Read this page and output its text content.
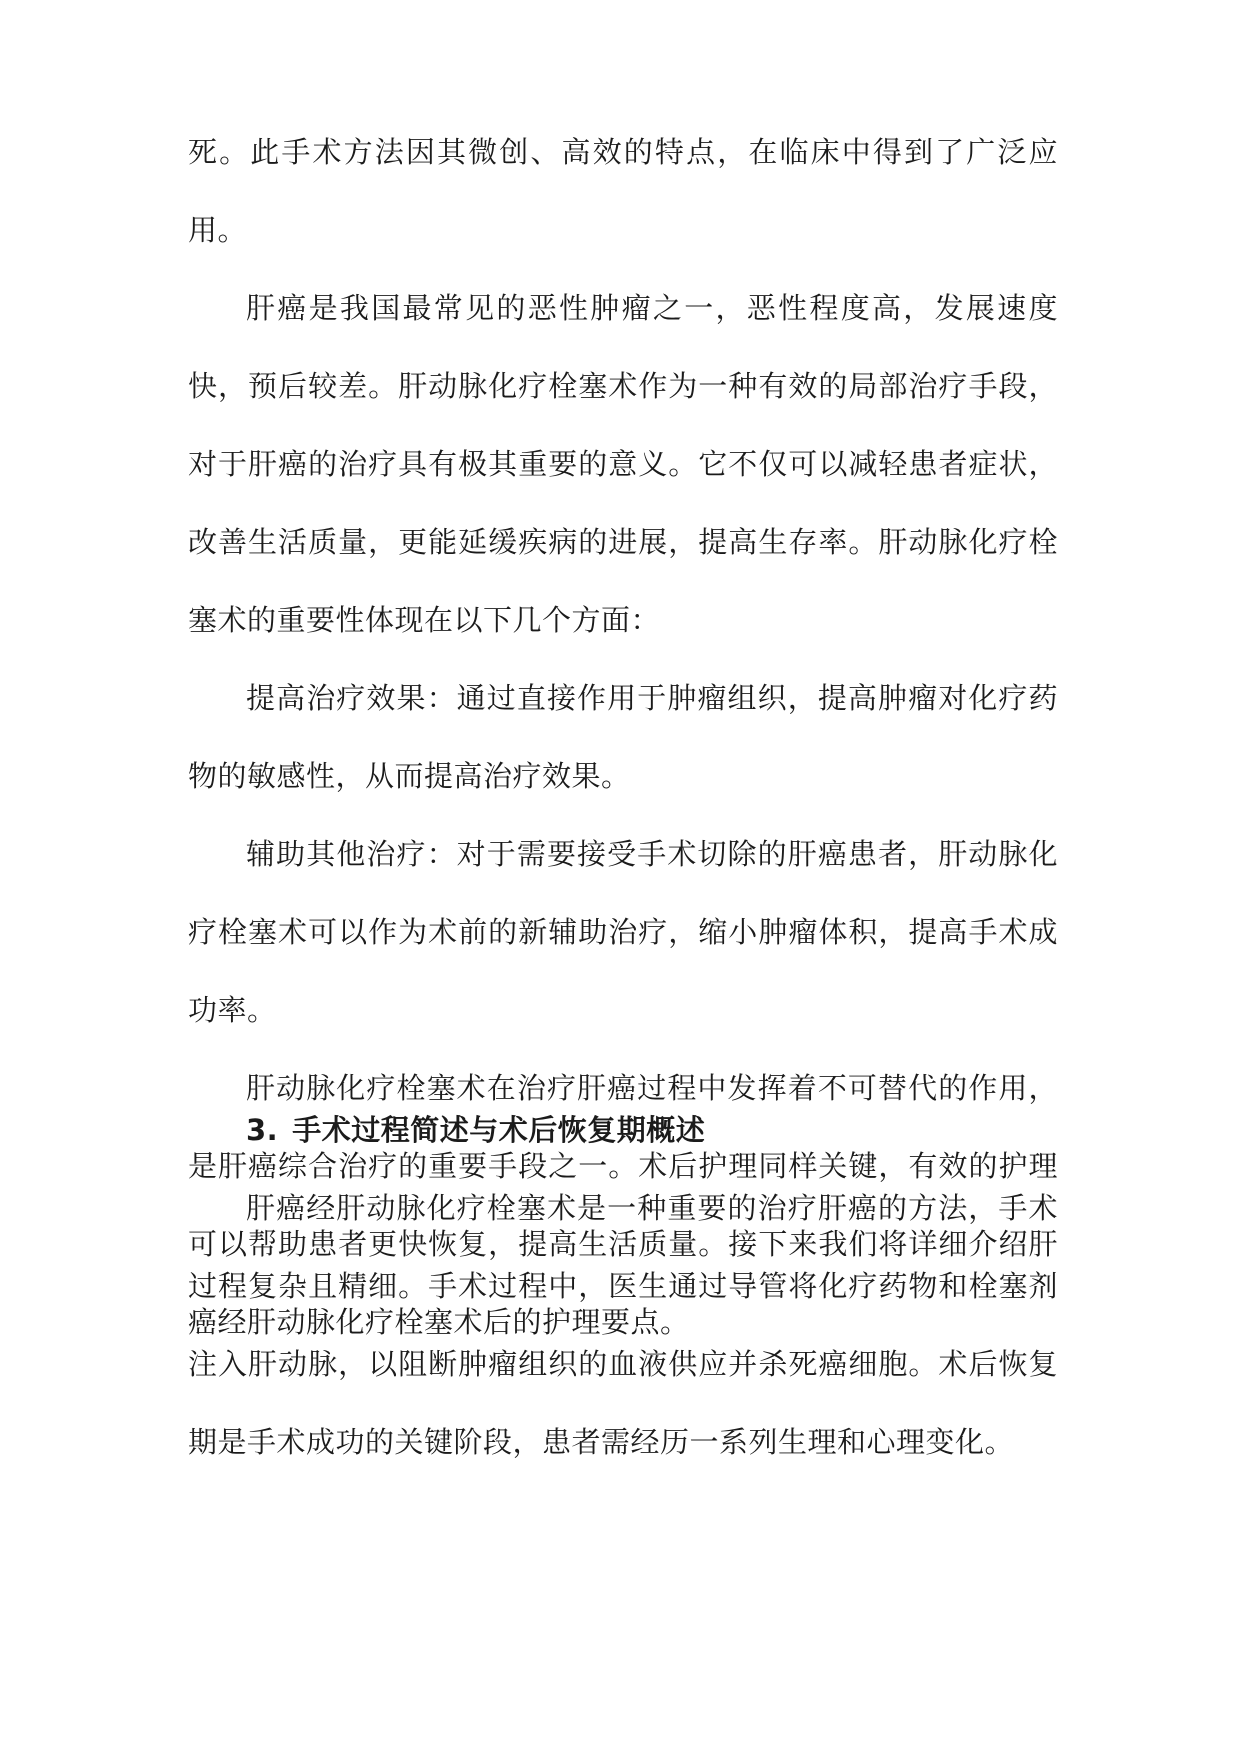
死。此手术方法因其微创、高效的特点，在临床中得到了广泛应用。

肝癌是我国最常见的恶性肿瘤之一，恶性程度高，发展速度快，预后较差。肝动脉化疗栓塞术作为一种有效的局部治疗手段，对于肝癌的治疗具有极其重要的意义。它不仅可以减轻患者症状，改善生活质量，更能延缓疾病的进展，提高生存率。肝动脉化疗栓塞术的重要性体现在以下几个方面：

提高治疗效果：通过直接作用于肿瘤组织，提高肿瘤对化疗药物的敏感性，从而提高治疗效果。

辅助其他治疗：对于需要接受手术切除的肝癌患者，肝动脉化疗栓塞术可以作为术前的新辅助治疗，缩小肿瘤体积，提高手术成功率。

肝动脉化疗栓塞术在治疗肝癌过程中发挥着不可替代的作用，是肝癌综合治疗的重要手段之一。术后护理同样关键，有效的护理可以帮助患者更快恢复，提高生活质量。接下来我们将详细介绍肝癌经肝动脉化疗栓塞术后的护理要点。

3. 手术过程简述与术后恢复期概述

肝癌经肝动脉化疗栓塞术是一种重要的治疗肝癌的方法，手术过程复杂且精细。手术过程中，医生通过导管将化疗药物和栓塞剂注入肝动脉，以阻断肿瘤组织的血液供应并杀死癌细胞。术后恢复期是手术成功的关键阶段，患者需经历一系列生理和心理变化。
